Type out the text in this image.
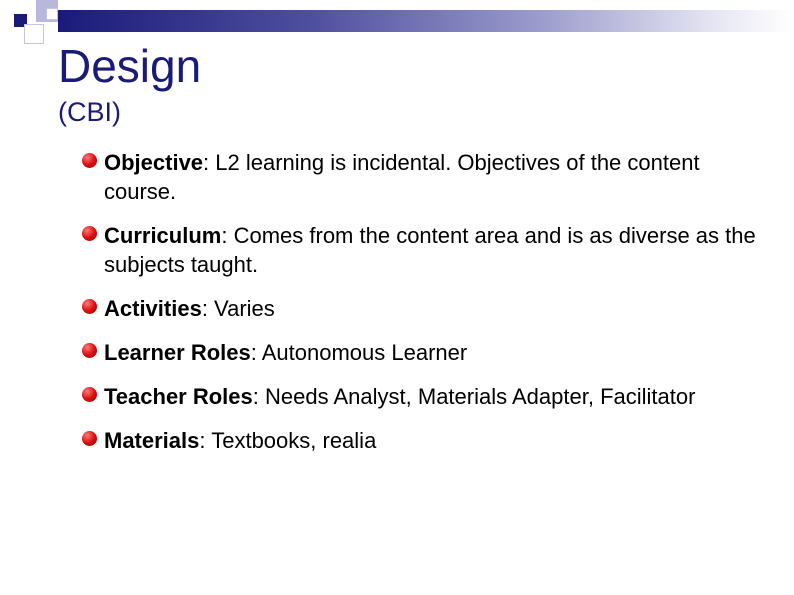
Design
(CBI)
Objective: L2 learning is incidental. Objectives of the content course.
Curriculum: Comes from the content area and is as diverse as the subjects taught.
Activities: Varies
Learner Roles: Autonomous Learner
Teacher Roles: Needs Analyst, Materials Adapter, Facilitator
Materials: Textbooks, realia
